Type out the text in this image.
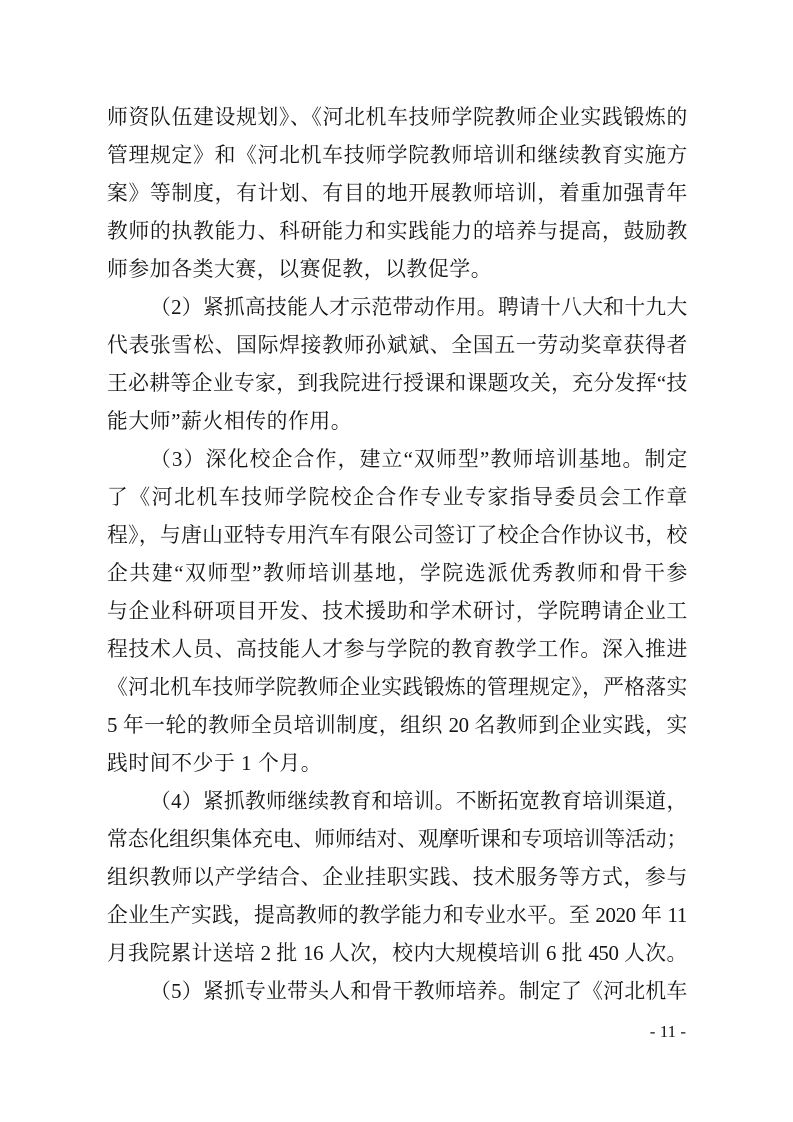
师资队伍建设规划》、《河北机车技师学院教师企业实践锻炼的
管理规定》和《河北机车技师学院教师培训和继续教育实施方
案》等制度，有计划、有目的地开展教师培训，着重加强青年
教师的执教能力、科研能力和实践能力的培养与提高，鼓励教
师参加各类大赛，以赛促教，以教促学。
（2）紧抓高技能人才示范带动作用。聘请十八大和十九大
代表张雪松、国际焊接教师孙斌斌、全国五一劳动奖章获得者
王必耕等企业专家，到我院进行授课和课题攻关，充分发挥“技
能大师”薪火相传的作用。
（3）深化校企合作，建立“双师型”教师培训基地。制定
了《河北机车技师学院校企合作专业专家指导委员会工作章
程》，与唐山亚特专用汽车有限公司签订了校企合作协议书，校
企共建“双师型”教师培训基地，学院选派优秀教师和骨干参
与企业科研项目开发、技术援助和学术研讨，学院聘请企业工
程技术人员、高技能人才参与学院的教育教学工作。深入推进
《河北机车技师学院教师企业实践锻炼的管理规定》，严格落实
5 年一轮的教师全员培训制度，组织 20 名教师到企业实践，实
践时间不少于 1 个月。
（4）紧抓教师继续教育和培训。不断拓宽教育培训渠道，
常态化组织集体充电、师师结对、观摩听课和专项培训等活动；
组织教师以产学结合、企业挂职实践、技术服务等方式，参与
企业生产实践，提高教师的教学能力和专业水平。至 2020 年 11
月我院累计送培 2 批 16 人次，校内大规模培训 6 批 450 人次。
（5）紧抓专业带头人和骨干教师培养。制定了《河北机车
- 11 -
